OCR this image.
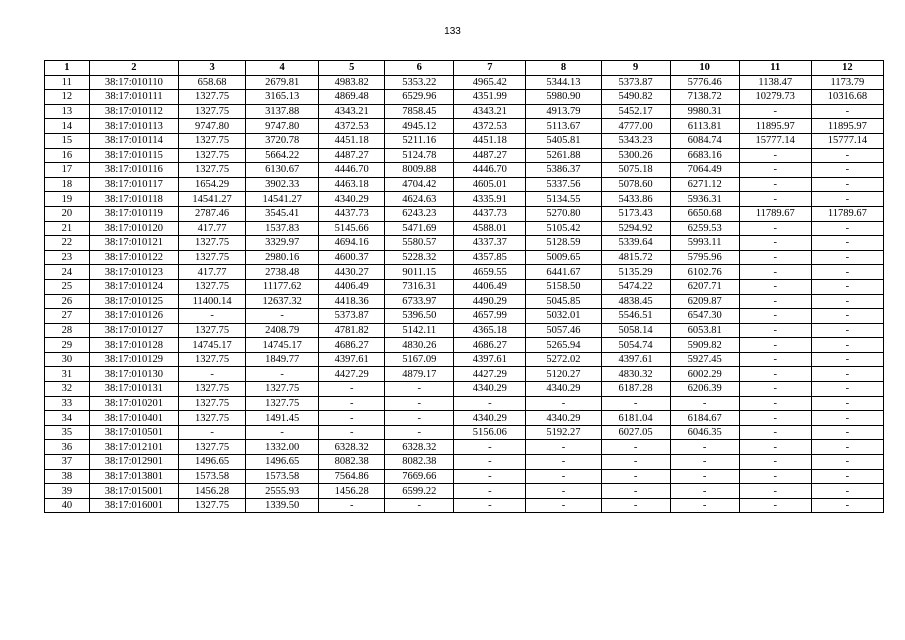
133
1	2	3	4	5	6	7	8	9	10	11	12
11	38:17:010110	658.68	2679.81	4983.82	5353.22	4965.42	5344.13	5373.87	5776.46	1138.47	1173.79
12	38:17:010111	1327.75	3165.13	4869.48	6529.96	4351.99	5980.90	5490.82	7138.72	10279.73	10316.68
13	38:17:010112	1327.75	3137.88	4343.21	7858.45	4343.21	4913.79	5452.17	9980.31	-	-
14	38:17:010113	9747.80	9747.80	4372.53	4945.12	4372.53	5113.67	4777.00	6113.81	11895.97	11895.97
15	38:17:010114	1327.75	3720.78	4451.18	5211.16	4451.18	5405.81	5343.23	6084.74	15777.14	15777.14
16	38:17:010115	1327.75	5664.22	4487.27	5124.78	4487.27	5261.88	5300.26	6683.16	-	-
17	38:17:010116	1327.75	6130.67	4446.70	8009.88	4446.70	5386.37	5075.18	7064.49	-	-
18	38:17:010117	1654.29	3902.33	4463.18	4704.42	4605.01	5337.56	5078.60	6271.12	-	-
19	38:17:010118	14541.27	14541.27	4340.29	4624.63	4335.91	5134.55	5433.86	5936.31	-	-
20	38:17:010119	2787.46	3545.41	4437.73	6243.23	4437.73	5270.80	5173.43	6650.68	11789.67	11789.67
21	38:17:010120	417.77	1537.83	5145.66	5471.69	4588.01	5105.42	5294.92	6259.53	-	-
22	38:17:010121	1327.75	3329.97	4694.16	5580.57	4337.37	5128.59	5339.64	5993.11	-	-
23	38:17:010122	1327.75	2980.16	4600.37	5228.32	4357.85	5009.65	4815.72	5795.96	-	-
24	38:17:010123	417.77	2738.48	4430.27	9011.15	4659.55	6441.67	5135.29	6102.76	-	-
25	38:17:010124	1327.75	11177.62	4406.49	7316.31	4406.49	5158.50	5474.22	6207.71	-	-
26	38:17:010125	11400.14	12637.32	4418.36	6733.97	4490.29	5045.85	4838.45	6209.87	-	-
27	38:17:010126	-	-	5373.87	5396.50	4657.99	5032.01	5546.51	6547.30	-	-
28	38:17:010127	1327.75	2408.79	4781.82	5142.11	4365.18	5057.46	5058.14	6053.81	-	-
29	38:17:010128	14745.17	14745.17	4686.27	4830.26	4686.27	5265.94	5054.74	5909.82	-	-
30	38:17:010129	1327.75	1849.77	4397.61	5167.09	4397.61	5272.02	4397.61	5927.45	-	-
31	38:17:010130	-	-	4427.29	4879.17	4427.29	5120.27	4830.32	6002.29	-	-
32	38:17:010131	1327.75	1327.75	-	-	4340.29	4340.29	6187.28	6206.39	-	-
33	38:17:010201	1327.75	1327.75	-	-	-	-	-	-	-	-
34	38:17:010401	1327.75	1491.45	-	-	4340.29	4340.29	6181.04	6184.67	-	-
35	38:17:010501	-	-	-	-	5156.06	5192.27	6027.05	6046.35	-	-
36	38:17:012101	1327.75	1332.00	6328.32	6328.32	-	-	-	-	-	-
37	38:17:012901	1496.65	1496.65	8082.38	8082.38	-	-	-	-	-	-
38	38:17:013801	1573.58	1573.58	7564.86	7669.66	-	-	-	-	-	-
39	38:17:015001	1456.28	2555.93	1456.28	6599.22	-	-	-	-	-	-
40	38:17:016001	1327.75	1339.50	-	-	-	-	-	-	-	-
